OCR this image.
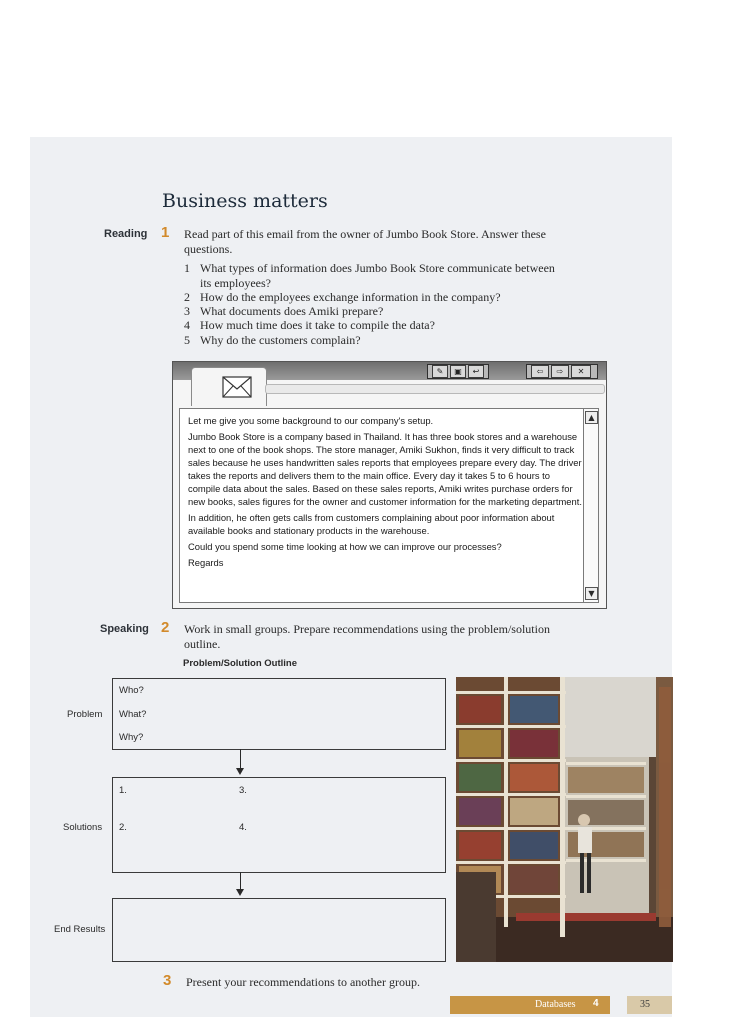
Business matters
Reading 1 Read part of this email from the owner of Jumbo Book Store. Answer these
questions.
1 What types of information does Jumbo Book Store communicate between
its employees?
2 How do the employees exchange information in the company?
3 What documents does Amiki prepare?
4 How much time does it take to compile the data?
5 Why do the customers complain?
✎	▣	↩	⇦	⇨	✕

Let me give you some background to our company's setup.

Jumbo Book Store is a company based in Thailand. It has three book stores and a warehouse next to one of the book shops. The store manager, Amiki Sukhon, finds it very difficult to track sales because he uses handwritten sales reports that employees prepare every day. The driver takes the reports and delivers them to the main office. Every day it takes 5 to 6 hours to compile data about the sales. Based on these sales reports, Amiki writes purchase orders for new books, sales figures for the owner and customer information for the marketing department.

In addition, he often gets calls from customers complaining about poor information about available books and stationary products in the warehouse.

Could you spend some time looking at how we can improve our processes?

Regards

▲
▼
Speaking 2 Work in small groups. Prepare recommendations using the problem/solution
outline.
Problem/Solution Outline
Problem
Who?
What?
Why?
Solutions
1.
2.
3.
4.
End Results
3 Present your recommendations to another group.
Databases 4	35
